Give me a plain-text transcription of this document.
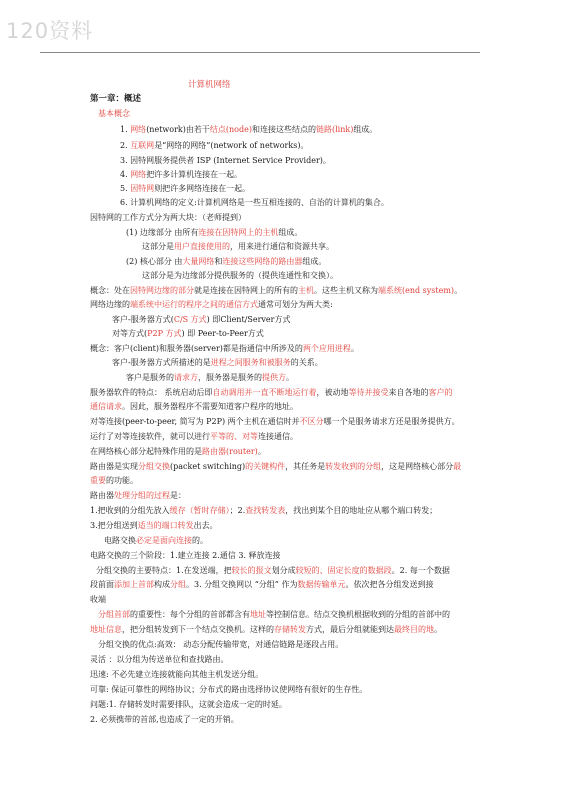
120资料
计算机网络
第一章：概述
基本概念
1. 网络(network)由若干结点(node)和连接这些结点的链路(link)组成。
2. 互联网是“网络的网络”(network of networks)。
3. 因特网服务提供者 ISP (Internet Service Provider)。
4. 网络把许多计算机连接在一起。
5. 因特网则把许多网络连接在一起。
6. 计算机网络的定义:计算机网络是一些互相连接的、自治的计算机的集合。
因特网的工作方式分为两大块：（老师提到）
(1) 边缘部分 由所有连接在因特网上的主机组成。
这部分是用户直接使用的，用来进行通信和资源共享。
(2) 核心部分 由大量网络和连接这些网络的路由器组成。
这部分是为边缘部分提供服务的（提供连通性和交换）。
概念：处在因特网边缘的部分就是连接在因特网上的所有的主机。这些主机又称为端系统(end system)。
网络边缘的端系统中运行的程序之间的通信方式通常可划分为两大类:
客户-服务器方式(C/S 方式) 即Client/Server方式
对等方式(P2P 方式) 即 Peer-to-Peer方式
概念：客户(client)和服务器(server)都是指通信中所涉及的两个应用进程。
客户-服务器方式所描述的是进程之间服务和被服务的关系。
客户是服务的请求方，服务器是服务的提供方。
服务器软件的特点： 系统启动后即自动调用并一直不断地运行着，被动地等待并接受来自各地的客户的
通信请求。因此，服务器程序不需要知道客户程序的地址。
对等连接(peer-to-peer, 简写为 P2P) 两个主机在通信时并不区分哪一个是服务请求方还是服务提供方。
运行了对等连接软件，就可以进行平等的、对等连接通信。
在网络核心部分起特殊作用的是路由器(router)。
路由器是实现分组交换(packet switching)的关键构件，其任务是转发收到的分组，这是网络核心部分最
重要的功能。
路由器处理分组的过程是：
1.把收到的分组先放入缓存（暂时存储）；2.查找转发表，找出到某个目的地址应从哪个端口转发；
3.把分组送到适当的端口转发出去。
电路交换必定是面向连接的。
电路交换的三个阶段：1.建立连接 2.通信 3. 释放连接
分组交换的主要特点：1.在发送端，把较长的报文划分成较短的、固定长度的数据段。2. 每一个数据
段前面添加上首部构成分组。3. 分组交换网以 “分组” 作为数据传输单元。依次把各分组发送到接
收端
分组首部的重要性：每个分组的首部都含有地址等控制信息。结点交换机根据收到的分组的首部中的
地址信息，把分组转发到下一个结点交换机。这样的存储转发方式，最后分组就能到达最终目的地。
分组交换的优点:高效： 动态分配传输带宽，对通信链路是逐段占用。
灵活 ：以分组为传送单位和查找路由。
迅速: 不必先建立连接就能向其他主机发送分组。
可靠: 保证可靠性的网络协议；分布式的路由选择协议使网络有很好的生存性。
问题:1. 存储转发时需要排队，这就会造成一定的时延。
2. 必须携带的首部,也造成了一定的开销。
